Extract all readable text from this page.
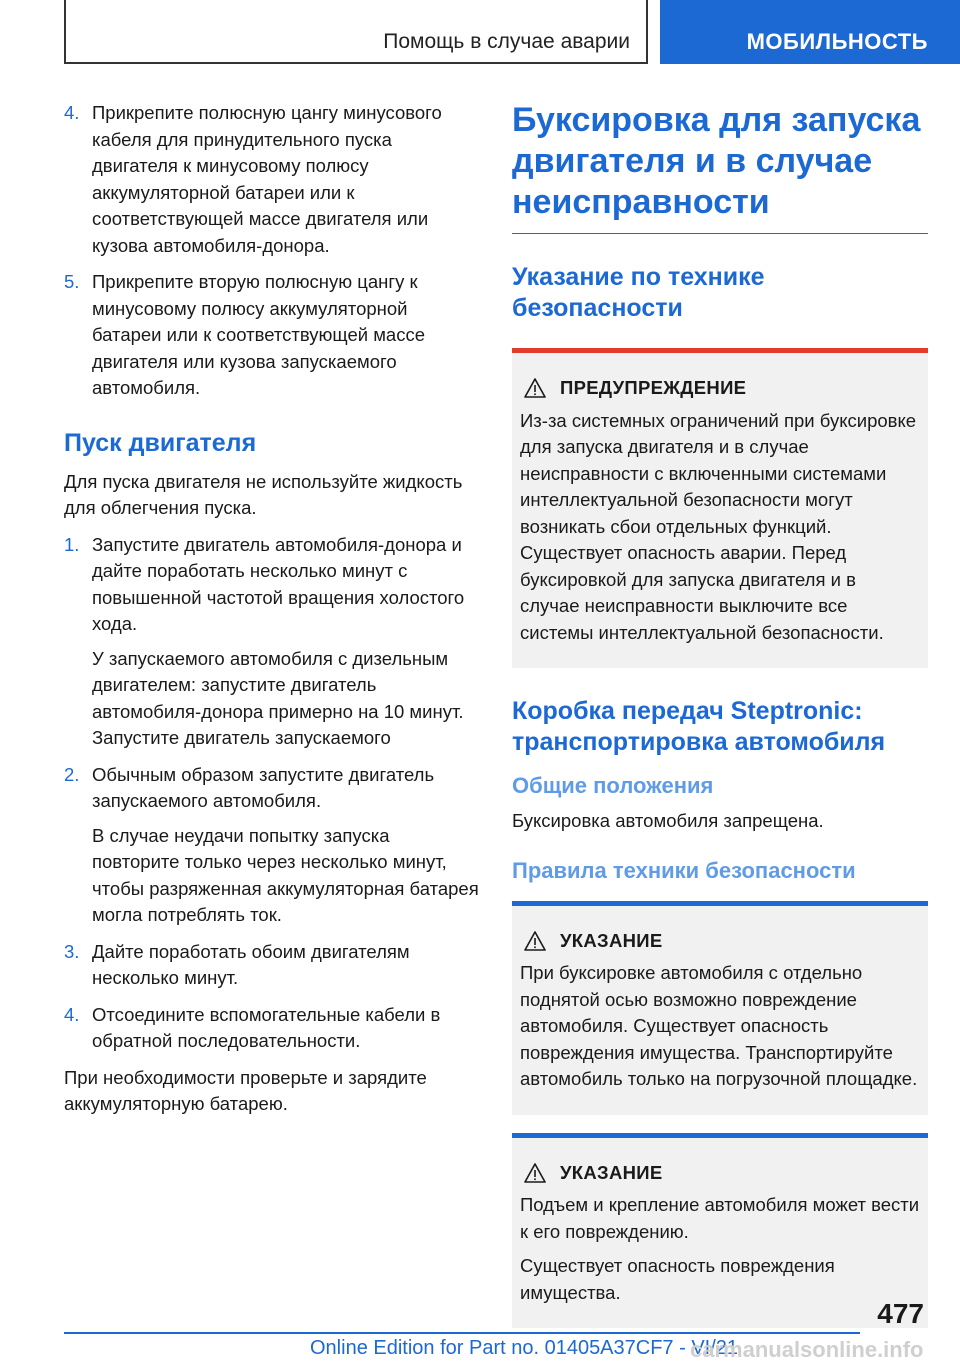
Помощь в случае аварии	МОБИЛЬНОСТЬ
4. Прикрепите полюсную цангу минусового кабеля для принудительного пуска двигателя к минусовому полюсу аккумуляторной батареи или к соответствующей массе двигателя или кузова автомобиля-донора.

5. Прикрепите вторую полюсную цангу к минусовому полюсу аккумуляторной батареи или к соответствующей массе двигателя или кузова запускаемого автомобиля.

Пуск двигателя

Для пуска двигателя не используйте жидкость для облегчения пуска.

1. Запустите двигатель автомобиля-донора и дайте поработать несколько минут с повышенной частотой вращения холостого хода.

У запускаемого автомобиля с дизельным двигателем: запустите двигатель автомобиля-донора примерно на 10 минут. Запустите двигатель запускаемого

2. Обычным образом запустите двигатель запускаемого автомобиля.

В случае неудачи попытку запуска повторите только через несколько минут, чтобы разряженная аккумуляторная батарея могла потреблять ток.

3. Дайте поработать обоим двигателям несколько минут.

4. Отсоедините вспомогательные кабели в обратной последовательности.

При необходимости проверьте и зарядите аккумуляторную батарею.

Буксировка для запуска двигателя и в случае неисправности
Указание по технике безопасности
ПРЕДУПРЕЖДЕНИЕ

Из-за системных ограничений при буксировке для запуска двигателя и в случае неисправности с включенными системами интеллектуальной безопасности могут возникать сбои отдельных функций. Существует опасность аварии. Перед буксировкой для запуска двигателя и в случае неисправности выключите все системы интеллектуальной безопасности.

Коробка передач Steptronic: транспортировка автомобиля
Общие положения

Буксировка автомобиля запрещена.

Правила техники безопасности
УКАЗАНИЕ

При буксировке автомобиля с отдельно поднятой осью возможно повреждение автомобиля. Существует опасность повреждения имущества. Транспортируйте автомобиль только на погрузочной площадке.

УКАЗАНИЕ

Подъем и крепление автомобиля может вести к его повреждению.

Существует опасность повреждения имущества.

477
Online Edition for Part no. 01405A37CF7 - VI/21
carmanualsonline.info
